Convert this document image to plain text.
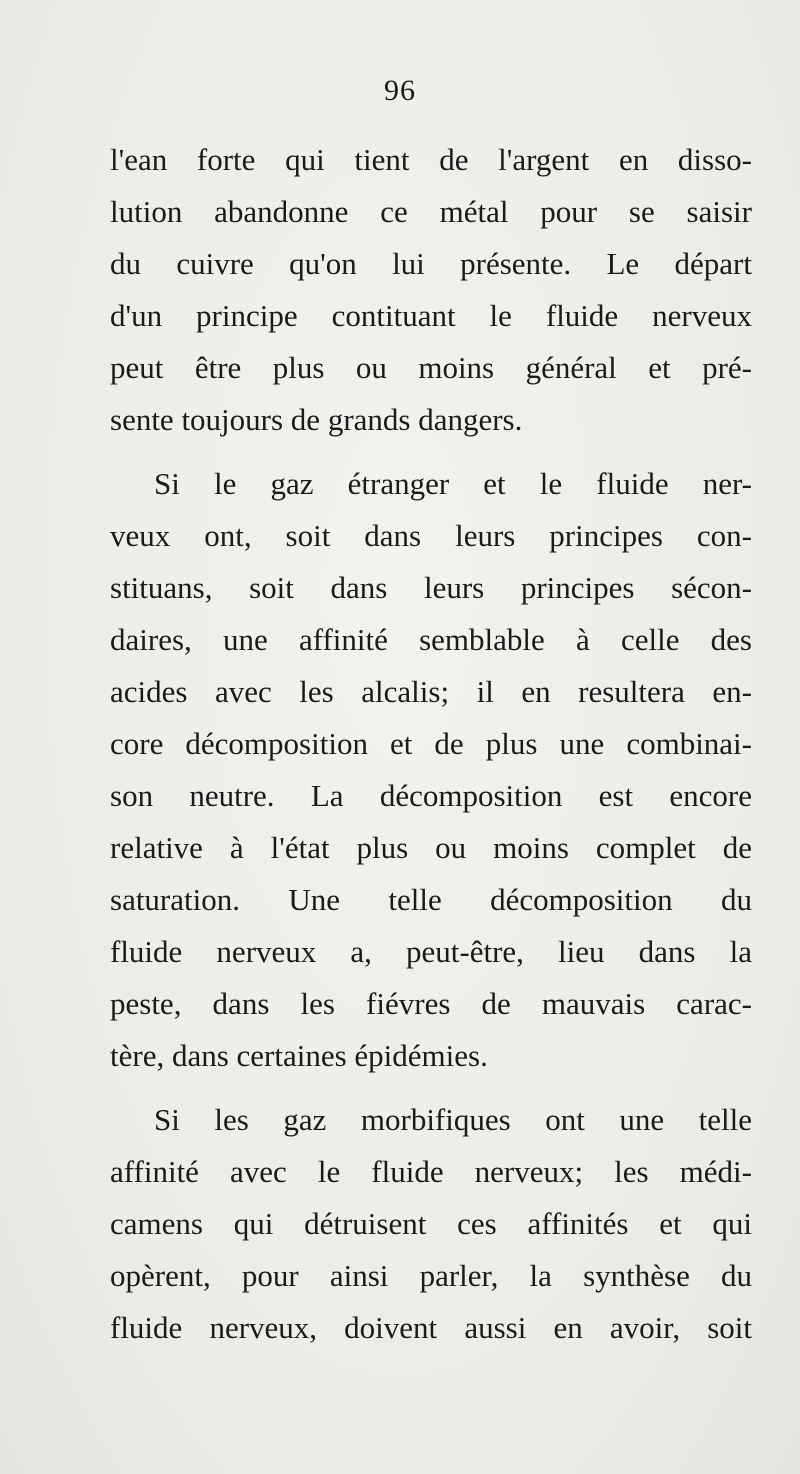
96
l'ean forte qui tient de l'argent en disso-
lution abandonne ce métal pour se saisir
du cuivre qu'on lui présente. Le départ
d'un principe contituant le fluide nerveux
peut être plus ou moins général et pré-
sente toujours de grands dangers.
Si le gaz étranger et le fluide ner-
veux ont, soit dans leurs principes con-
stituans, soit dans leurs principes sécon-
daires, une affinité semblable à celle des
acides avec les alcalis; il en resultera en-
core décomposition et de plus une combinai-
son neutre. La décomposition est encore
relative à l'état plus ou moins complet de
saturation. Une telle décomposition du
fluide nerveux a, peut-être, lieu dans la
peste, dans les fiévres de mauvais carac-
tère, dans certaines épidémies.
Si les gaz morbifiques ont une telle
affinité avec le fluide nerveux; les médi-
camens qui détruisent ces affinités et qui
opèrent, pour ainsi parler, la synthèse du
fluide nerveux, doivent aussi en avoir, soit
